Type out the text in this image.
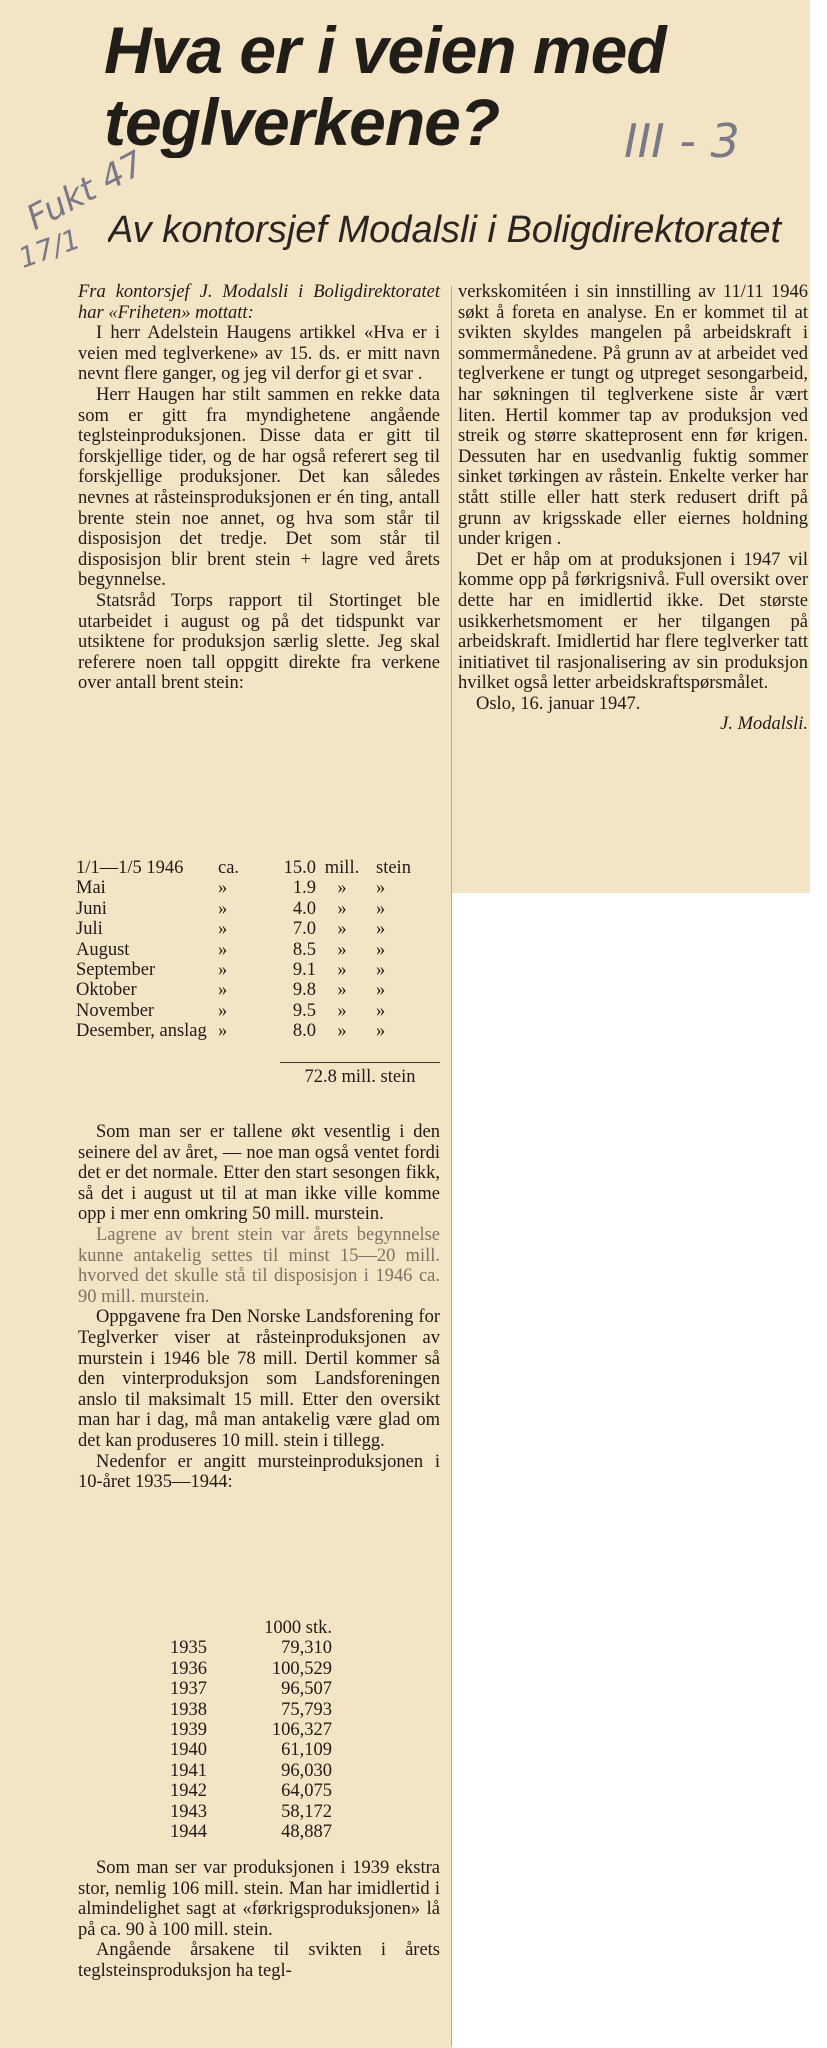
Hva er i veien med
teglverkene?	III - 3
Fukt 47
17/1 Av kontorsjef Modalsli i Boligdirektoratet

Fra kontorsjef J. Modalsli i Boligdirektoratet har «Friheten» mottatt:

I herr Adelstein Haugens artikkel «Hva er i veien med teglverkene» av 15. ds. er mitt navn nevnt flere ganger, og jeg vil derfor gi et svar .

Herr Haugen har stilt sammen en rekke data som er gitt fra myndighetene angående teglsteinproduksjonen. Disse data er gitt til forskjellige tider, og de har også referert seg til forskjellige produksjoner. Det kan således nevnes at råsteinsproduksjonen er én ting, antall brente stein noe annet, og hva som står til disposisjon det tredje. Det som står til disposisjon blir brent stein + lagre ved årets begynnelse.

Statsråd Torps rapport til Stortinget ble utarbeidet i august og på det tidspunkt var utsiktene for produksjon særlig slette. Jeg skal referere noen tall oppgitt direkte fra verkene over antall brent stein:

1/1—1/5 1946	ca.	15.0 mill. stein
Mai	»	1.9	»	»
Juni	»	4.0	»	»
Juli	»	7.0	»	»
August	»	8.5	»	»
September	»	9.1	»	»
Oktober	»	9.8	»	»
November	»	9.5	»	»
Desember, anslag »	8.0	»	»
72.8 mill. stein

Som man ser er tallene økt vesentlig i den seinere del av året, — noe man også ventet fordi det er det normale. Etter den start sesongen fikk, så det i august ut til at man ikke ville komme opp i mer enn omkring 50 mill. murstein.

Lagrene av brent stein var årets begynnelse kunne antakelig settes til minst 15—20 mill. hvorved det skulle stå til disposisjon i 1946 ca. 90 mill. murstein.

Oppgavene fra Den Norske Landsforening for Teglverker viser at råsteinproduksjonen av murstein i 1946 ble 78 mill. Dertil kommer så den vinterproduksjon som Landsforeningen anslo til maksimalt 15 mill. Etter den oversikt man har i dag, må man antakelig være glad om det kan produseres 10 mill. stein i tillegg.

Nedenfor er angitt mursteinproduksjonen i 10-året 1935—1944:

1000 stk.
1935	79,310
1936	100,529
1937	96,507
1938	75,793
1939	106,327
1940	61,109
1941	96,030
1942	64,075
1943	58,172
1944	48,887

Som man ser var produksjonen i 1939 ekstra stor, nemlig 106 mill. stein. Man har imidlertid i almindelighet sagt at «førkrigsproduksjonen» lå på ca. 90 à 100 mill. stein.

Angående årsakene til svikten i årets teglsteinsproduksjon ha tegl-

verkskomitéen i sin innstilling av 11/11 1946 søkt å foreta en analyse. En er kommet til at svikten skyldes mangelen på arbeidskraft i sommermånedene. På grunn av at arbeidet ved teglverkene er tungt og utpreget sesongarbeid, har søkningen til teglverkene siste år vært liten. Hertil kommer tap av produksjon ved streik og større skatteprosent enn før krigen. Dessuten har en usedvanlig fuktig sommer sinket tørkingen av råstein. Enkelte verker har stått stille eller hatt sterk redusert drift på grunn av krigsskade eller eiernes holdning under krigen .

Det er håp om at produksjonen i 1947 vil komme opp på førkrigsnivå. Full oversikt over dette har en imidlertid ikke. Det største usikkerhetsmoment er her tilgangen på arbeidskraft. Imidlertid har flere teglverker tatt initiativet til rasjonalisering av sin produksjon hvilket også letter arbeidskraftspørsmålet.

Oslo, 16. januar 1947.

J. Modalsli.
